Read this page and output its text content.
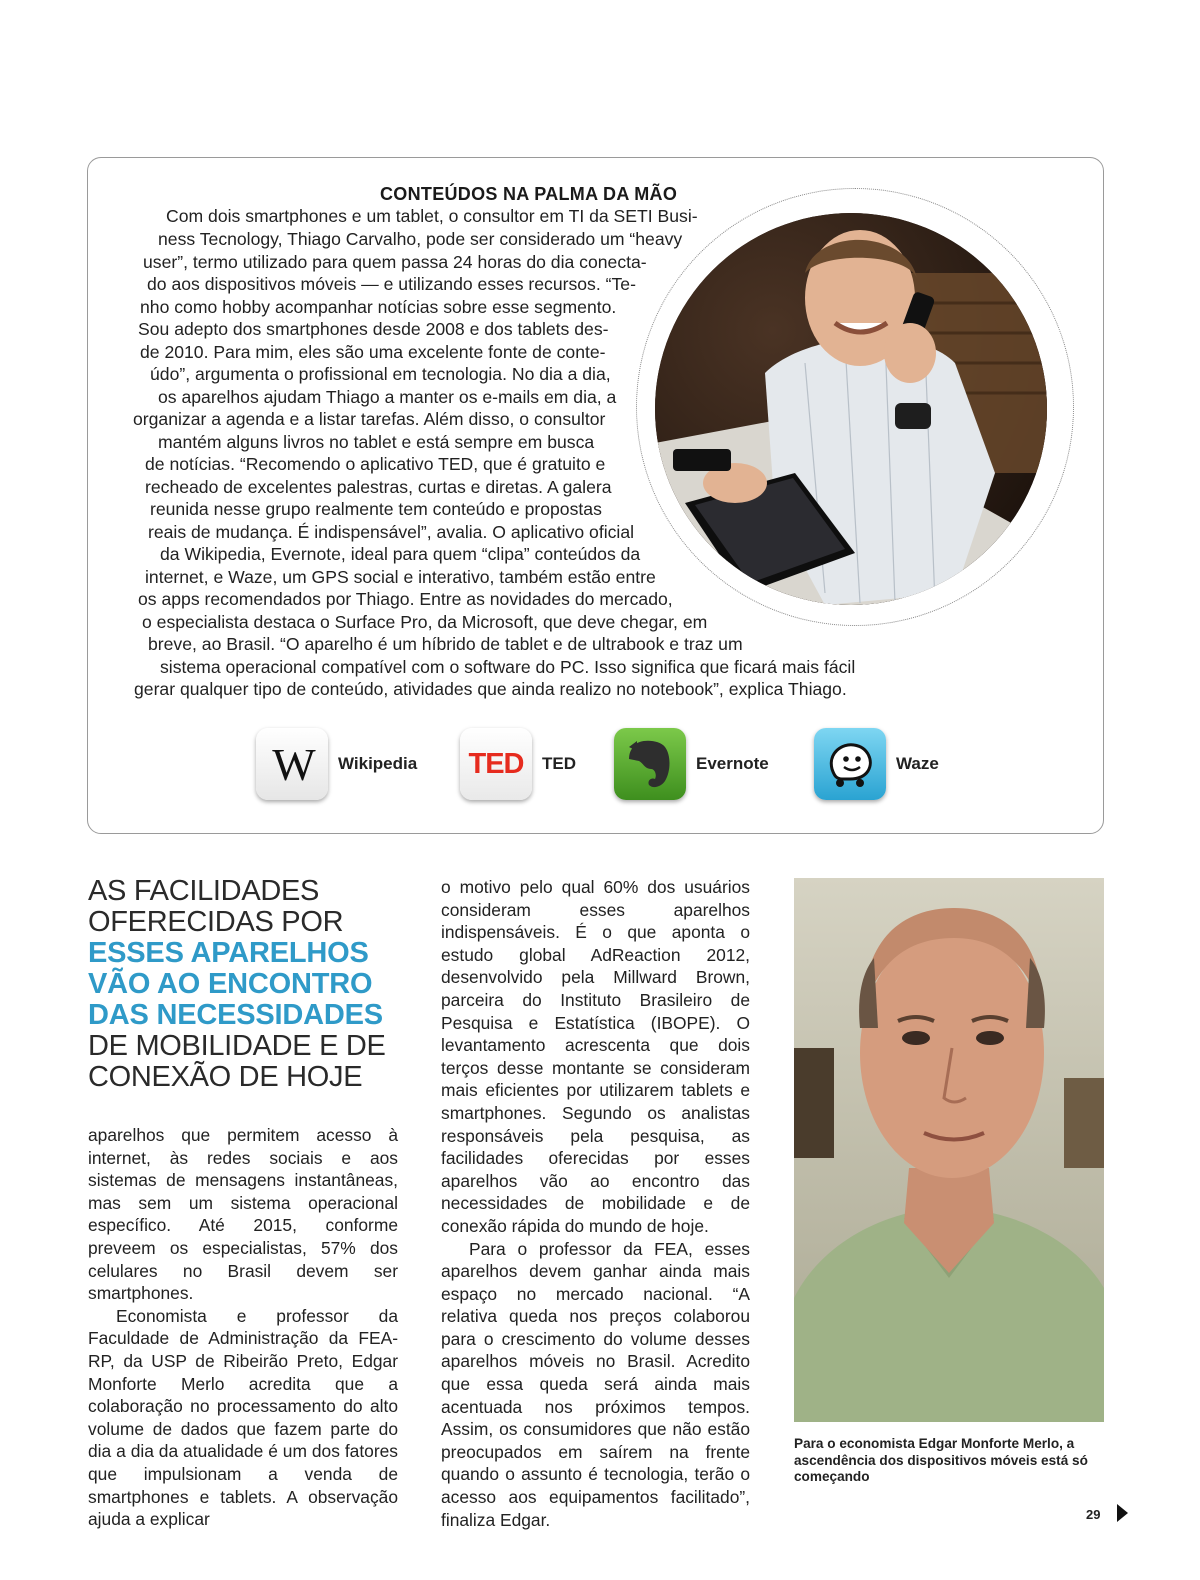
CONTEÚDOS NA PALMA DA MÃO
Com dois smartphones e um tablet, o consultor em TI da SETI Busi-
ness Tecnology, Thiago Carvalho, pode ser considerado um “heavy
user”, termo utilizado para quem passa 24 horas do dia conecta-
do aos dispositivos móveis — e utilizando esses recursos. “Te-
nho como hobby acompanhar notícias sobre esse segmento.
Sou adepto dos smartphones desde 2008 e dos tablets des-
de 2010. Para mim, eles são uma excelente fonte de conte-
údo”, argumenta o profissional em tecnologia. No dia a dia,
os aparelhos ajudam Thiago a manter os e-mails em dia, a
organizar a agenda e a listar tarefas. Além disso, o consultor
mantém alguns livros no tablet e está sempre em busca
de notícias. “Recomendo o aplicativo TED, que é gratuito e
recheado de excelentes palestras, curtas e diretas. A galera
reunida nesse grupo realmente tem conteúdo e propostas
reais de mudança. É indispensável”, avalia. O aplicativo oficial
da Wikipedia, Evernote, ideal para quem “clipa” conteúdos da
internet, e Waze, um GPS social e interativo, também estão entre
os apps recomendados por Thiago. Entre as novidades do mercado,
o especialista destaca o Surface Pro, da Microsoft, que deve chegar, em
breve, ao Brasil. “O aparelho é um híbrido de tablet e de ultrabook e traz um
sistema operacional compatível com o software do PC. Isso significa que ficará mais fácil
gerar qualquer tipo de conteúdo, atividades que ainda realizo no notebook”, explica Thiago.
W Wikipedia TED TED	Evernote	Waze
AS FACILIDADES
OFERECIDAS POR
ESSES APARELHOS
VÃO AO ENCONTRO
DAS NECESSIDADES
DE MOBILIDADE E DE
CONEXÃO DE HOJE

aparelhos que permitem acesso à internet, às redes sociais e aos sistemas de mensagens instantâneas, mas sem um sistema operacional específico. Até 2015, conforme preveem os especialistas, 57% dos celulares no Brasil devem ser smartphones.

Economista e professor da Faculdade de Administração da FEA-RP, da USP de Ribeirão Preto, Edgar Monforte Merlo acredita que a colaboração no processamento do alto volume de dados que fazem parte do dia a dia da atualidade é um dos fatores que impulsionam a venda de smartphones e tablets. A observação ajuda a explicar

o motivo pelo qual 60% dos usuários consideram esses aparelhos indispensáveis. É o que aponta o estudo global AdReaction 2012, desenvolvido pela Millward Brown, parceira do Instituto Brasileiro de Pesquisa e Estatística (IBOPE). O levantamento acrescenta que dois terços desse montante se consideram mais eficientes por utilizarem tablets e smartphones. Segundo os analistas responsáveis pela pesquisa, as facilidades oferecidas por esses aparelhos vão ao encontro das necessidades de mobilidade e de conexão rápida do mundo de hoje.

Para o professor da FEA, esses aparelhos devem ganhar ainda mais espaço no mercado nacional. “A relativa queda nos preços colaborou para o crescimento do volume desses aparelhos móveis no Brasil. Acredito que essa queda será ainda mais acentuada nos próximos tempos. Assim, os consumidores que não estão preocupados em saírem na frente quando o assunto é tecnologia, terão o acesso aos equipamentos facilitado”, finaliza Edgar.

Para o economista Edgar Monforte Merlo, a ascendência dos dispositivos móveis está só começando
29
